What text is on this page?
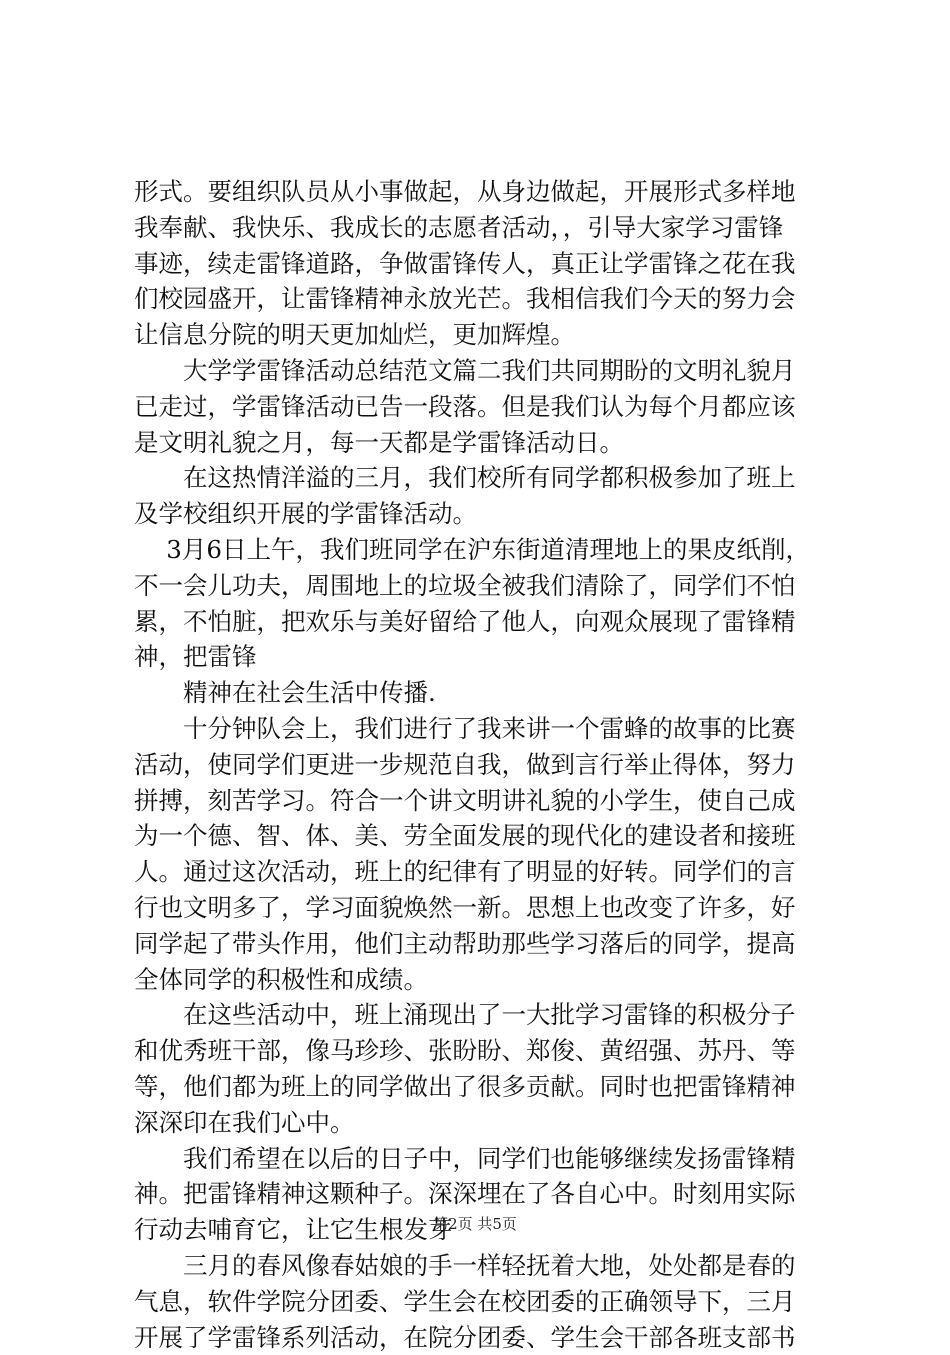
形式。要组织队员从小事做起，从身边做起，开展形式多样地
我奉献、我快乐、我成长的志愿者活动，，引导大家学习雷锋
事迹，续走雷锋道路，争做雷锋传人，真正让学雷锋之花在我
们校园盛开，让雷锋精神永放光芒。我相信我们今天的努力会
让信息分院的明天更加灿烂，更加辉煌。
　　大学学雷锋活动总结范文篇二我们共同期盼的文明礼貌月
已走过，学雷锋活动已告一段落。但是我们认为每个月都应该
是文明礼貌之月，每一天都是学雷锋活动日。
　　在这热情洋溢的三月，我们校所有同学都积极参加了班上
及学校组织开展的学雷锋活动。
　 3月6日上午，我们班同学在沪东街道清理地上的果皮纸削，
不一会儿功夫，周围地上的垃圾全被我们清除了，同学们不怕
累，不怕脏，把欢乐与美好留给了他人，向观众展现了雷锋精
神，把雷锋
　　精神在社会生活中传播.
　　十分钟队会上，我们进行了我来讲一个雷蜂的故事的比赛
活动，使同学们更进一步规范自我，做到言行举止得体，努力
拼搏，刻苦学习。符合一个讲文明讲礼貌的小学生，使自己成
为一个德、智、体、美、劳全面发展的现代化的建设者和接班
人。通过这次活动，班上的纪律有了明显的好转。同学们的言
行也文明多了，学习面貌焕然一新。思想上也改变了许多，好
同学起了带头作用，他们主动帮助那些学习落后的同学，提高
全体同学的积极性和成绩。
　　在这些活动中，班上涌现出了一大批学习雷锋的积极分子
和优秀班干部，像马珍珍、张盼盼、郑俊、黄绍强、苏丹、等
等，他们都为班上的同学做出了很多贡献。同时也把雷锋精神
深深印在我们心中。
　　我们希望在以后的日子中，同学们也能够继续发扬雷锋精
神。把雷锋精神这颗种子。深深埋在了各自心中。时刻用实际
行动去哺育它，让它生根发芽
　　三月的春风像春姑娘的手一样轻抚着大地，处处都是春的
气息，软件学院分团委、学生会在校团委的正确领导下，三月
开展了学雷锋系列活动，在院分团委、学生会干部各班支部书
第2页 共5页
